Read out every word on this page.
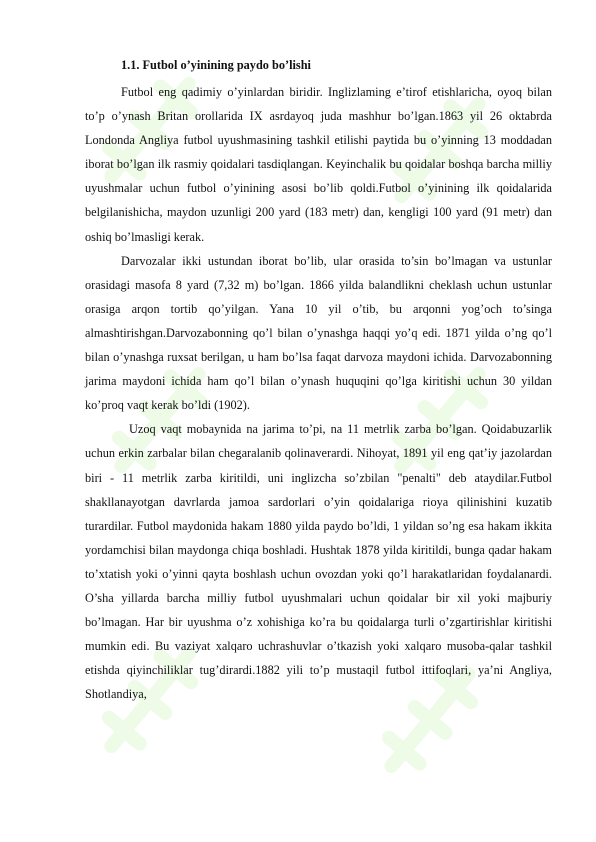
1.1. Futbol o’yinining paydo bo’lishi

Futbol eng qadimiy o’yinlardan biridir. Inglizlaming e’tirof etishlaricha, oyoq bilan to’p o’ynash Britan orollarida IX asrdayoq juda mashhur bo’lgan.1863 yil 26 oktabrda Londonda Angliya futbol uyushmasining tashkil etilishi paytida bu o’yinning 13 moddadan iborat bo’lgan ilk rasmiy qoidalari tasdiqlangan. Keyinchalik bu qoidalar boshqa barcha milliy uyushmalar uchun futbol o’yinining asosi bo’lib qoldi.Futbol o’yinining ilk qoidalarida belgilanishicha, maydon uzunligi 200 yard (183 metr) dan, kengligi 100 yard (91 metr) dan oshiq bo’lmasligi kerak.

Darvozalar ikki ustundan iborat bo’lib, ular orasida to’sin bo’lmagan va ustunlar orasidagi masofa 8 yard (7,32 m) bo’lgan. 1866 yilda balandlikni cheklash uchun ustunlar orasiga arqon tortib qo’yilgan. Yana 10 yil o’tib, bu arqonni yog’och to’singa almashtirishgan.Darvozabonning qo’l bilan o’ynashga haqqi yo’q edi. 1871 yilda o’ng qo’l bilan o’ynashga ruxsat berilgan, u ham bo’lsa faqat darvoza maydoni ichida. Darvozabonning jarima maydoni ichida ham qo’l bilan o’ynash huquqini qo’lga kiritishi uchun 30 yildan ko’proq vaqt kerak bo’ldi (1902).

Uzoq vaqt mobaynida na jarima to’pi, na 11 metrlik zarba bo’lgan. Qoidabuzarlik uchun erkin zarbalar bilan chegaralanib qolinaverardi. Nihoyat, 1891 yil eng qat’iy jazolardan biri - 11 metrlik zarba kiritildi, uni inglizcha so’zbilan "penalti" deb ataydilar.Futbol shakllanayotgan davrlarda jamoa sardorlari o’yin qoidalariga rioya qilinishini kuzatib turardilar. Futbol maydonida hakam 1880 yilda paydo bo’ldi, 1 yildan so’ng esa hakam ikkita yordamchisi bilan maydonga chiqa boshladi. Hushtak 1878 yilda kiritildi, bunga qadar hakam to’xtatish yoki o’yinni qayta boshlash uchun ovozdan yoki qo’l harakatlaridan foydalanardi. O’sha yillarda barcha milliy futbol uyushmalari uchun qoidalar bir xil yoki majburiy bo’lmagan. Har bir uyushma o’z xohishiga ko’ra bu qoidalarga turli o’zgartirishlar kiritishi mumkin edi. Bu vaziyat xalqaro uchrashuvlar o’tkazish yoki xalqaro musoba-qalar tashkil etishda qiyinchiliklar tug’dirardi.1882 yili to’p mustaqil futbol ittifoqlari, ya’ni Angliya, Shotlandiya,
